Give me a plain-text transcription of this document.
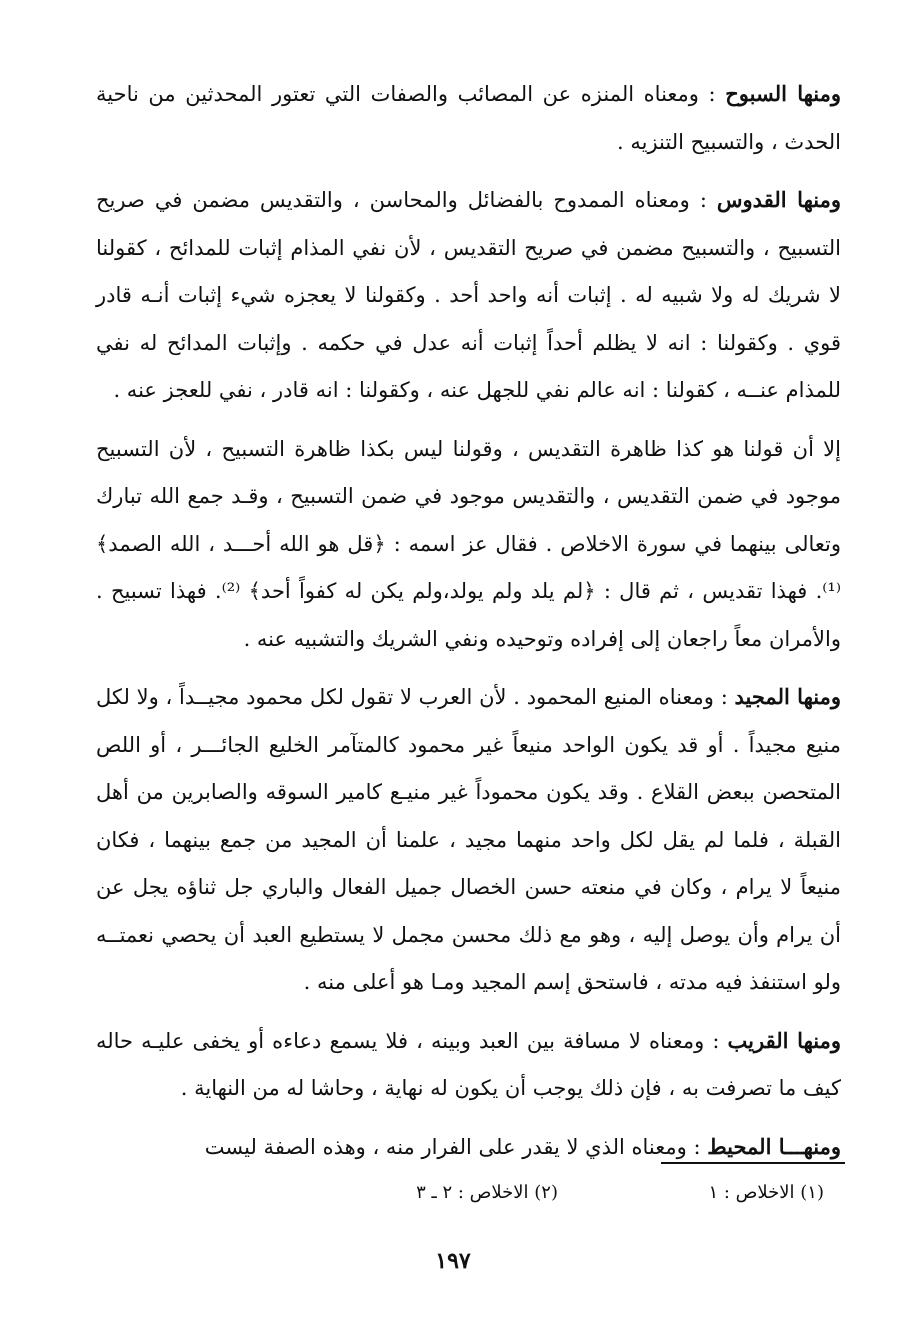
ومنها السبوح : ومعناه المنزه عن المصائب والصفات التي تعتور المحدثين من ناحية الحدث ، والتسبيح التنزيه .

ومنها القدوس : ومعناه الممدوح بالفضائل والمحاسن ، والتقديس مضمن في صريح التسبيح ، والتسبيح مضمن في صريح التقديس ، لأن نفي المذام إثبات للمدائح ، كقولنا لا شريك له ولا شبيه له . إثبات أنه واحد أحد . وكقولنا لا يعجزه شيء إثبات أنـه قادر قوي . وكقولنا : انه لا يظلم أحداً إثبات أنه عدل في حكمه . وإثبات المدائح له نفي للمذام عنــه ، كقولنا : انه عالم نفي للجهل عنه ، وكقولنا : انه قادر ، نفي للعجز عنه .

إلا أن قولنا هو كذا ظاهرة التقديس ، وقولنا ليس بكذا ظاهرة التسبيح ، لأن التسبيح موجود في ضمن التقديس ، والتقديس موجود في ضمن التسبيح ، وقـد جمع الله تبارك وتعالى بينهما في سورة الاخلاص . فقال عز اسمه : ﴿قل هو الله أحـــد ، الله الصمد﴾⁽¹⁾. فهذا تقديس ، ثم قال : ﴿لم يلد ولم يولد،ولم يكن له كفواً أحد﴾ ⁽²⁾. فهذا تسبيح . والأمران معاً راجعان إلى إفراده وتوحيده ونفي الشريك والتشبيه عنه .

ومنها المجيد : ومعناه المنيع المحمود . لأن العرب لا تقول لكل محمود مجيــداً ، ولا لكل منيع مجيداً . أو قد يكون الواحد منيعاً غير محمود كالمتآمر الخليع الجائـــر ، أو اللص المتحصن ببعض القلاع . وقد يكون محموداً غير منيـع كامير السوقه والصابرين من أهل القبلة ، فلما لم يقل لكل واحد منهما مجيد ، علمنا أن المجيد من جمع بينهما ، فكان منيعاً لا يرام ، وكان في منعته حسن الخصال جميل الفعال والباري جل ثناؤه يجل عن أن يرام وأن يوصل إليه ، وهو مع ذلك محسن مجمل لا يستطيع العبد أن يحصي نعمتــه ولو استنفذ فيه مدته ، فاستحق إسم المجيد ومـا هو أعلى منه .

ومنها القريب : ومعناه لا مسافة بين العبد وبينه ، فلا يسمع دعاءه أو يخفى عليـه حاله كيف ما تصرفت به ، فإن ذلك يوجب أن يكون له نهاية ، وحاشا له من النهاية .

ومنهـــا المحيط : ومعناه الذي لا يقدر على الفرار منه ، وهذه الصفة ليست

(١) الاخلاص : ١
(٢) الاخلاص : ٢ ـ ٣
١٩٧
